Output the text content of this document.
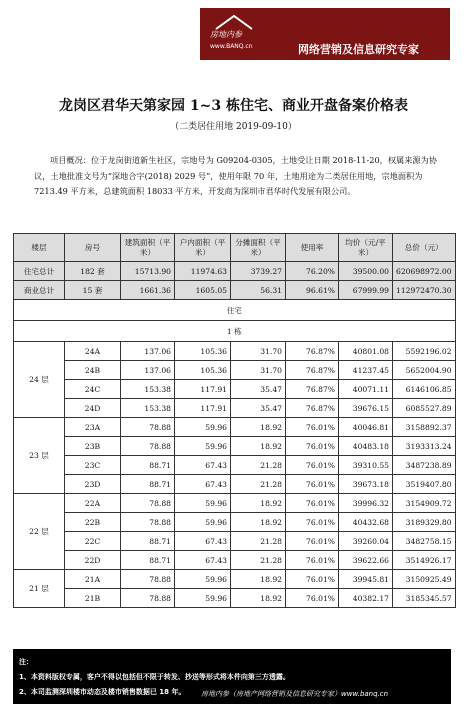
房地内参
www.BANQ.cn	网络营销及信息研究专家
龙岗区君华天第家园 1~3 栋住宅、商业开盘备案价格表
（二类居住用地 2019-09-10）
项目概况：位于龙岗街道新生社区，宗地号为 G09204-0305，土地受让日期 2018-11-20，权属来源为协议，土地批准文号为“深地合字(2018) 2029 号”，使用年限 70 年，土地用途为二类居住用地，宗地面积为 7213.49 平方米，总建筑面积 18033 平方米，开发商为深圳市君华时代发展有限公司。
楼层	房号	建筑面积（平米）	户内面积（平米）	分摊面积（平米）	使用率	均价（元/平米）	总价（元）
住宅总计	182 套	15713.90	11974.63	3739.27	76.20%	39500.00	620698972.00
商业总计	15 套	1661.36	1605.05	56.31	96.61%	67999.99	112972470.30
住宅							
1 栋							
24 层	24A	137.06	105.36	31.70	76.87%	40801.08	5592196.02
	24B	137.06	105.36	31.70	76.87%	41237.45	5652004.90
	24C	153.38	117.91	35.47	76.87%	40071.11	6146106.85
	24D	153.38	117.91	35.47	76.87%	39676.15	6085527.89
23 层	23A	78.88	59.96	18.92	76.01%	40046.81	3158892.37
	23B	78.88	59.96	18.92	76.01%	40483.18	3193313.24
	23C	88.71	67.43	21.28	76.01%	39310.55	3487238.89
	23D	88.71	67.43	21.28	76.01%	39673.18	3519407.80
22 层	22A	78.88	59.96	18.92	76.01%	39996.32	3154909.72
	22B	78.88	59.96	18.92	76.01%	40432.68	3189329.80
	22C	88.71	67.43	21.28	76.01%	39260.04	3482758.15
	22D	88.71	67.43	21.28	76.01%	39622.66	3514926.17
21 层	21A	78.88	59.96	18.92	76.01%	39945.81	3150925.49
	21B	78.88	59.96	18.92	76.01%	40382.17	3185345.57
注：
1、本资料版权专属，客户不得以包括但不限于转发、抄送等形式将本件向第三方透露。
2、本司监测深圳楼市动态及楼市销售数据已 18 年。	房地内参（房地产网络营销及信息研究专家）www.banq.cn
